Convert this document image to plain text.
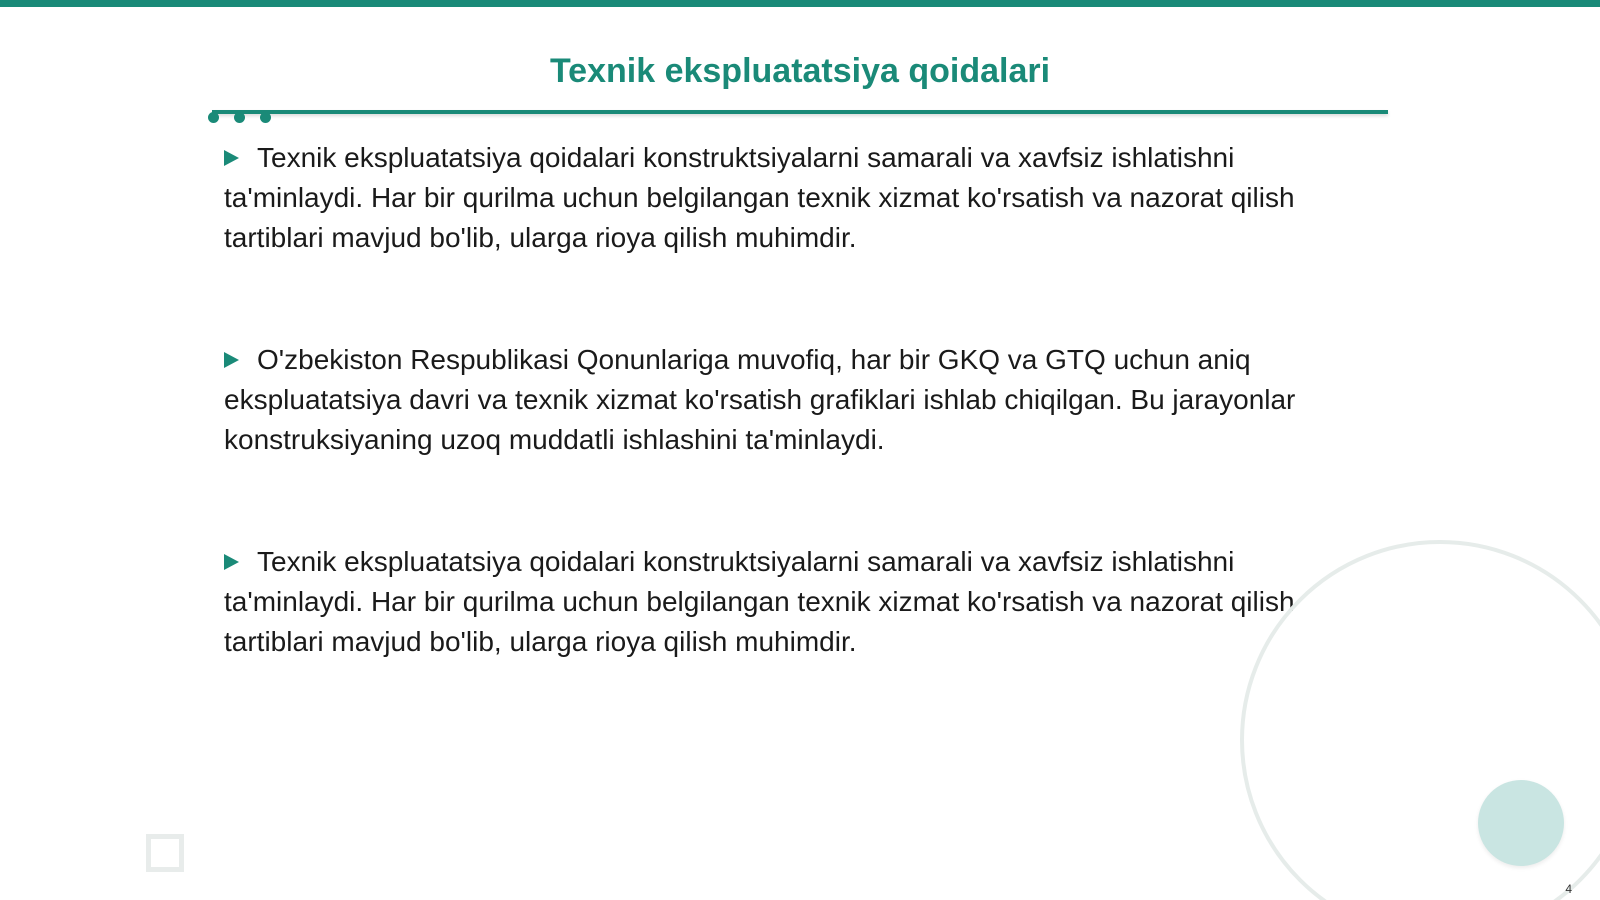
Texnik ekspluatatsiya qoidalari

Texnik ekspluatatsiya qoidalari konstruktsiyalarni samarali va xavfsiz ishlatishni ta'minlaydi. Har bir qurilma uchun belgilangan texnik xizmat ko'rsatish va nazorat qilish tartiblari mavjud bo'lib, ularga rioya qilish muhimdir.

O'zbekiston Respublikasi Qonunlariga muvofiq, har bir GKQ va GTQ uchun aniq ekspluatatsiya davri va texnik xizmat ko'rsatish grafiklari ishlab chiqilgan. Bu jarayonlar konstruksiyaning uzoq muddatli ishlashini ta'minlaydi.

Texnik ekspluatatsiya qoidalari konstruktsiyalarni samarali va xavfsiz ishlatishni ta'minlaydi. Har bir qurilma uchun belgilangan texnik xizmat ko'rsatish va nazorat qilish tartiblari mavjud bo'lib, ularga rioya qilish muhimdir.

4
